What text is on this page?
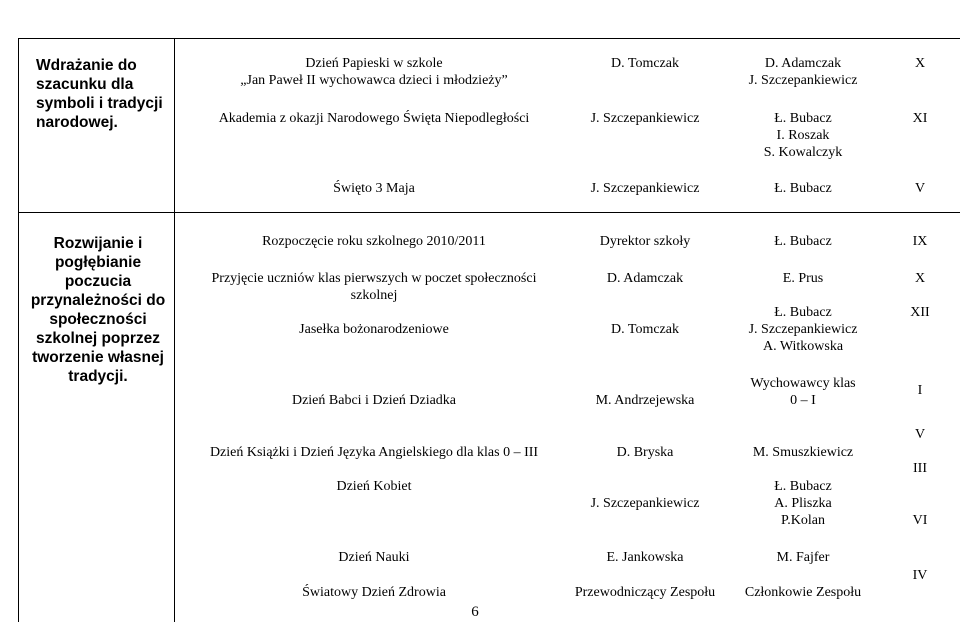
Wdrażanie do szacunku dla symboli i tradycji narodowej.
Dzień Papieski w szkole
„Jan Paweł II wychowawca dzieci i młodzieży”
Akademia z okazji Narodowego Święta Niepodległości
Święto 3 Maja
D. Tomczak
J. Szczepankiewicz
J. Szczepankiewicz
D. Adamczak
J. Szczepankiewicz
Ł. Bubacz
I. Roszak
S. Kowalczyk
Ł. Bubacz
X
XI
V
Rozwijanie i pogłębianie poczucia przynależności do społeczności szkolnej poprzez tworzenie własnej tradycji.
Rozpoczęcie roku szkolnego 2010/2011
Przyjęcie uczniów klas pierwszych w poczet społeczności
szkolnej
Jasełka bożonarodzeniowe
Dzień Babci i Dzień Dziadka
Dzień Książki i Dzień Języka Angielskiego dla klas 0 – III
Dzień Kobiet
Dzień Nauki
Światowy Dzień Zdrowia
Dyrektor szkoły
D. Adamczak
D. Tomczak
M. Andrzejewska
D. Bryska
J. Szczepankiewicz
E. Jankowska
Przewodniczący Zespołu
Ł. Bubacz
E. Prus
Ł. Bubacz
J. Szczepankiewicz
A. Witkowska
Wychowawcy klas
0 – I
M. Smuszkiewicz
Ł. Bubacz
A. Pliszka
P.Kolan
M. Fajfer
Członkowie Zespołu
IX
X
XII
I
V
III
VI
IV
6
